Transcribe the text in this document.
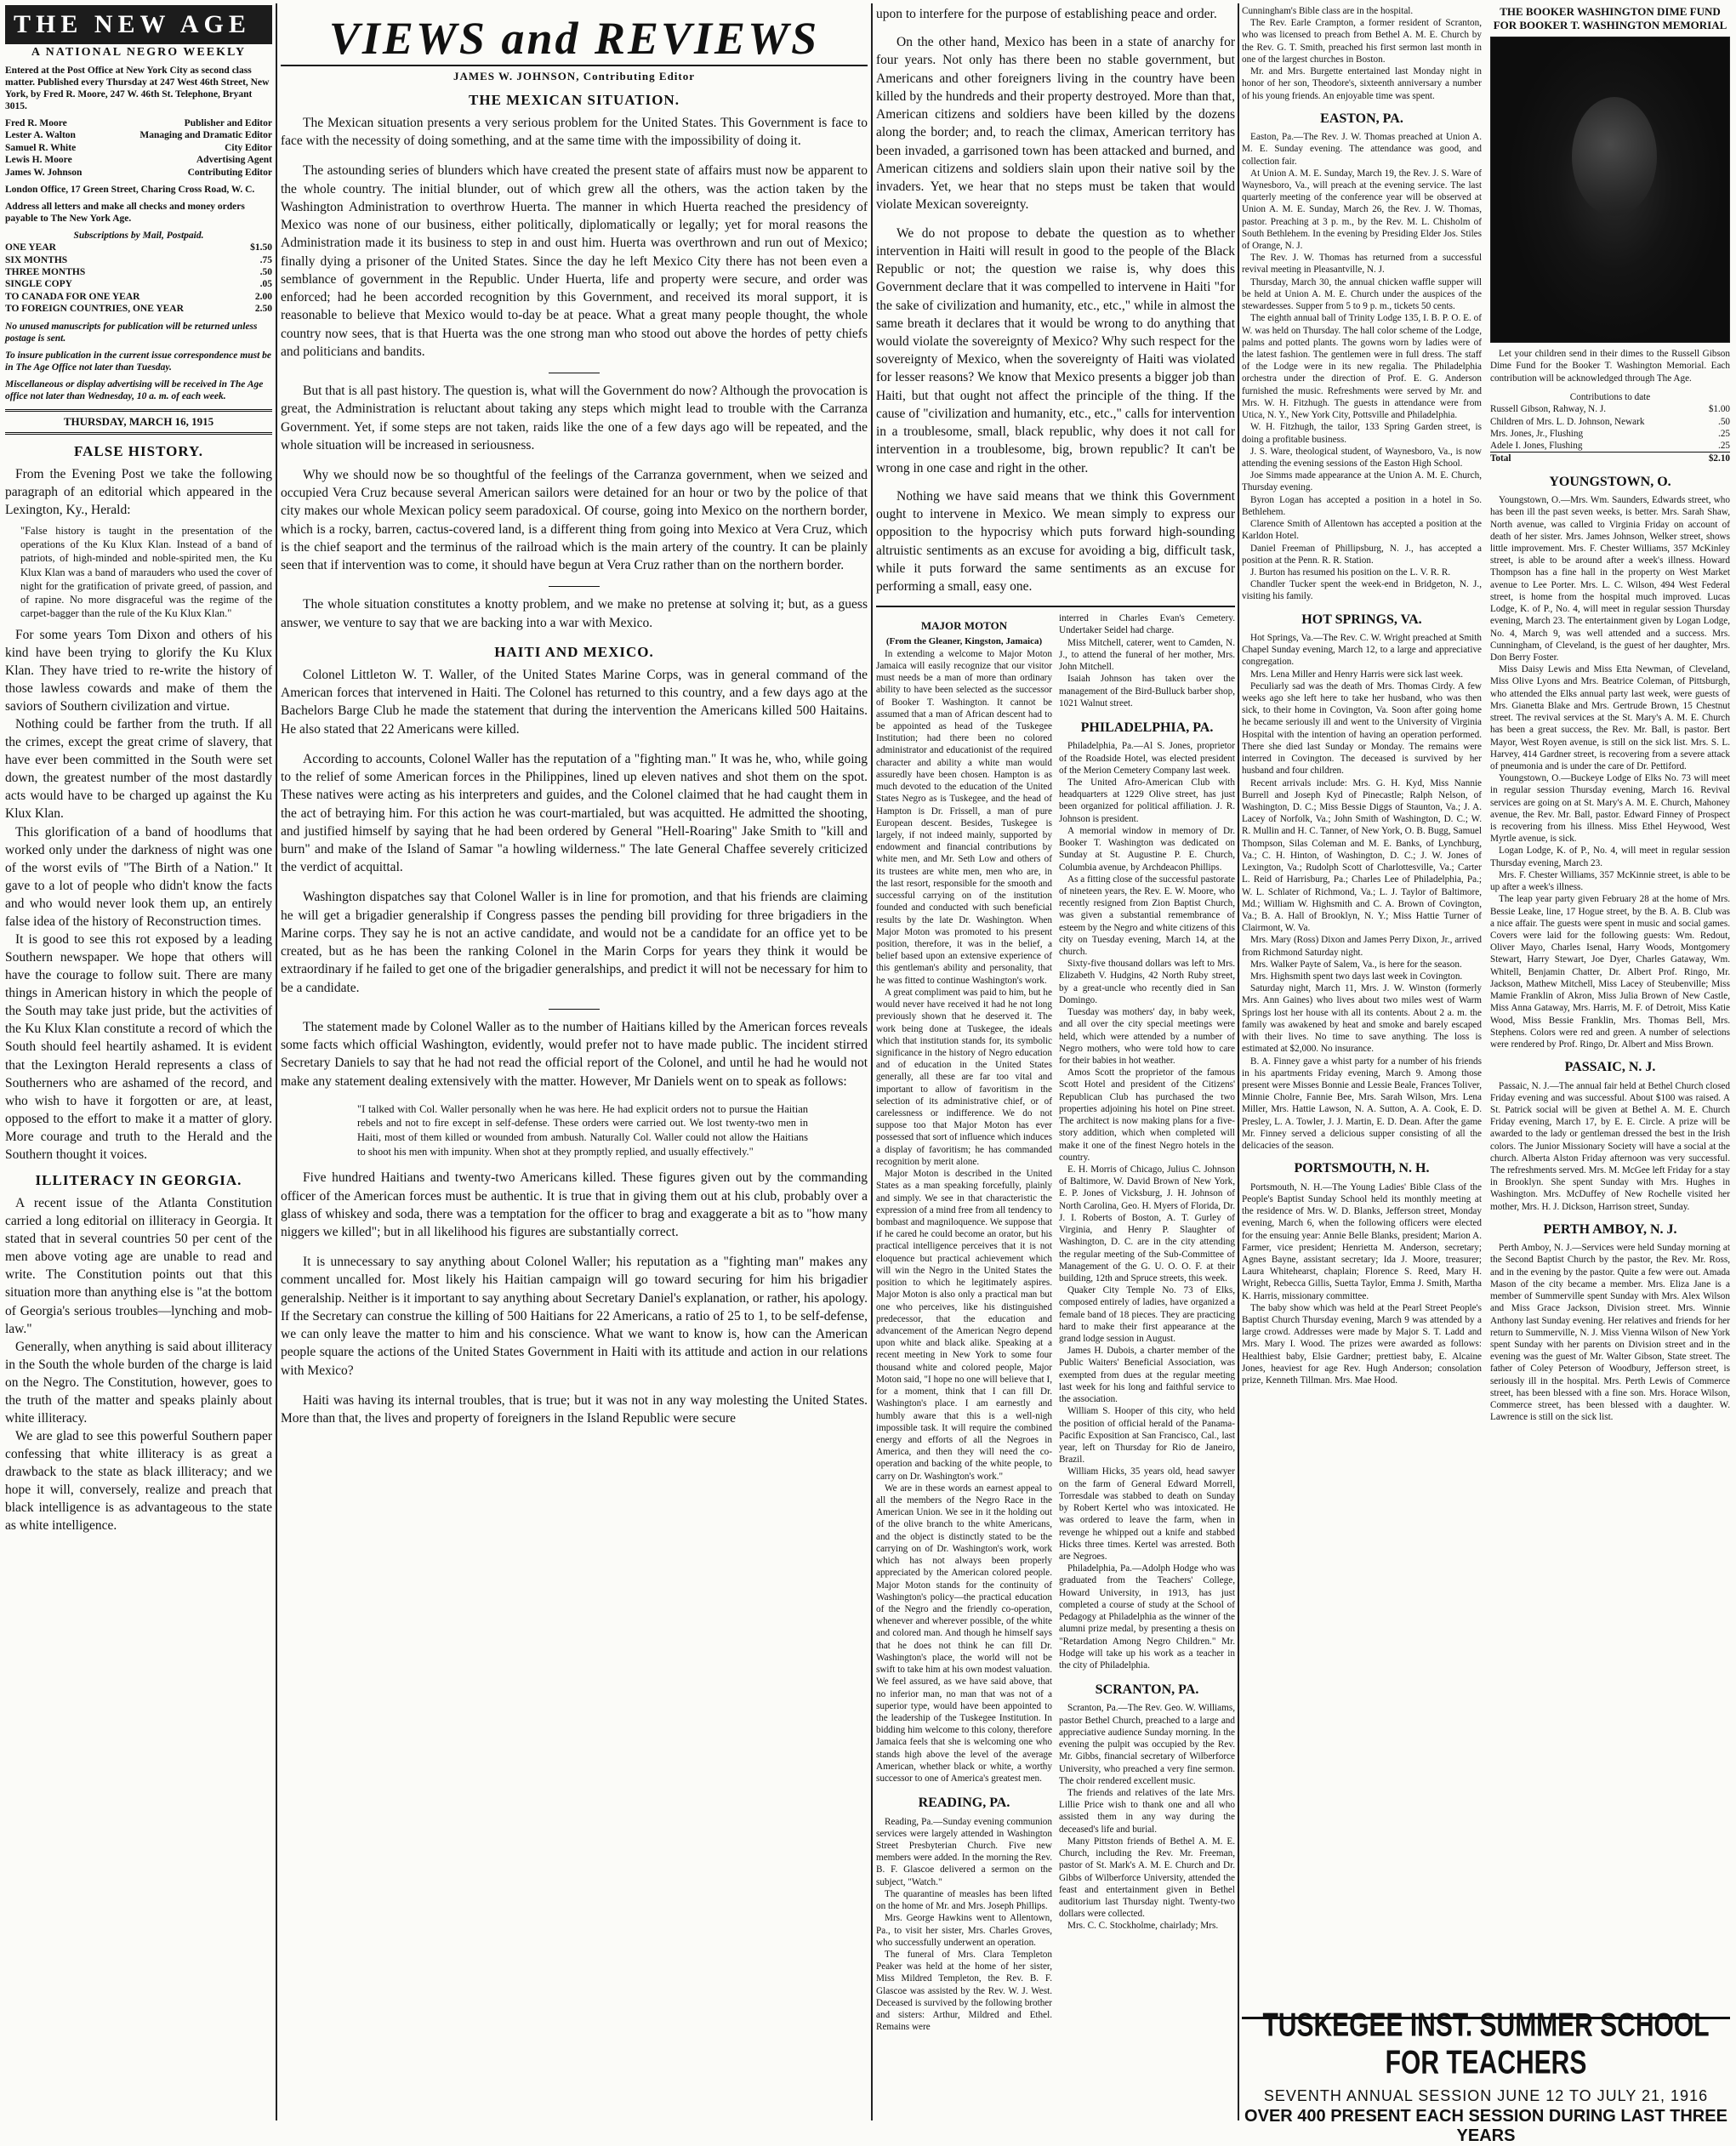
THE NEW AGE
A NATIONAL NEGRO WEEKLY
Entered at the Post Office at New York City as second class matter. Published every Thursday at 247 West 46th Street, New York, by Fred R. Moore, 247 W. 46th St. Telephone, Bryant 3015.
Fred R. Moore	Publisher and Editor
Lester A. Walton	Managing and Dramatic Editor
Samuel R. White	City Editor
Lewis H. Moore	Advertising Agent
James W. Johnson	Contributing Editor
London Office, 17 Green Street, Charing Cross Road, W. C.
Address all letters and make all checks and money orders payable to The New York Age.
Subscriptions by Mail, Postpaid.
ONE YEAR	$1.50
SIX MONTHS	.75
THREE MONTHS	.50
SINGLE COPY	.05
TO CANADA FOR ONE YEAR	2.00
TO FOREIGN COUNTRIES, ONE YEAR	2.50
No unused manuscripts for publication will be returned unless postage is sent.
To insure publication in the current issue correspondence must be in The Age Office not later than Tuesday.
Miscellaneous or display advertising will be received in The Age office not later than Wednesday, 10 a. m. of each week.
THURSDAY, MARCH 16, 1915
FALSE HISTORY.

From the Evening Post we take the following paragraph of an editorial which appeared in the Lexington, Ky., Herald:

"False history is taught in the presentation of the operations of the Ku Klux Klan. Instead of a band of patriots, of high-minded and noble-spirited men, the Ku Klux Klan was a band of marauders who used the cover of night for the gratification of private greed, of passion, and of rapine. No more disgraceful was the regime of the carpet-bagger than the rule of the Ku Klux Klan."

For some years Tom Dixon and others of his kind have been trying to glorify the Ku Klux Klan. They have tried to re-write the history of those lawless cowards and make of them the saviors of Southern civilization and virtue.

Nothing could be farther from the truth. If all the crimes, except the great crime of slavery, that have ever been committed in the South were set down, the greatest number of the most dastardly acts would have to be charged up against the Ku Klux Klan.

This glorification of a band of hoodlums that worked only under the darkness of night was one of the worst evils of "The Birth of a Nation." It gave to a lot of people who didn't know the facts and who would never look them up, an entirely false idea of the history of Reconstruction times.

It is good to see this rot exposed by a leading Southern newspaper. We hope that others will have the courage to follow suit. There are many things in American history in which the people of the South may take just pride, but the activities of the Ku Klux Klan constitute a record of which the South should feel heartily ashamed. It is evident that the Lexington Herald represents a class of Southerners who are ashamed of the record, and who wish to have it forgotten or are, at least, opposed to the effort to make it a matter of glory. More courage and truth to the Herald and the Southern thought it voices.

ILLITERACY IN GEORGIA.

A recent issue of the Atlanta Constitution carried a long editorial on illiteracy in Georgia. It stated that in several countries 50 per cent of the men above voting age are unable to read and write. The Constitution points out that this situation more than anything else is "at the bottom of Georgia's serious troubles—lynching and mob-law."

Generally, when anything is said about illiteracy in the South the whole burden of the charge is laid on the Negro. The Constitution, however, goes to the truth of the matter and speaks plainly about white illiteracy.

We are glad to see this powerful Southern paper confessing that white illiteracy is as great a drawback to the state as black illiteracy; and we hope it will, conversely, realize and preach that black intelligence is as advantageous to the state as white intelligence.

VIEWS and REVIEWS
JAMES W. JOHNSON, Contributing Editor
THE MEXICAN SITUATION.

The Mexican situation presents a very serious problem for the United States. This Government is face to face with the necessity of doing something, and at the same time with the impossibility of doing it.

The astounding series of blunders which have created the present state of affairs must now be apparent to the whole country. The initial blunder, out of which grew all the others, was the action taken by the Washington Administration to overthrow Huerta. The manner in which Huerta reached the presidency of Mexico was none of our business, either politically, diplomatically or legally; yet for moral reasons the Administration made it its business to step in and oust him. Huerta was overthrown and run out of Mexico; finally dying a prisoner of the United States. Since the day he left Mexico City there has not been even a semblance of government in the Republic. Under Huerta, life and property were secure, and order was enforced; had he been accorded recognition by this Government, and received its moral support, it is reasonable to believe that Mexico would to-day be at peace. What a great many people thought, the whole country now sees, that is that Huerta was the one strong man who stood out above the hordes of petty chiefs and politicians and bandits.

But that is all past history. The question is, what will the Government do now? Although the provocation is great, the Administration is reluctant about taking any steps which might lead to trouble with the Carranza Government. Yet, if some steps are not taken, raids like the one of a few days ago will be repeated, and the whole situation will be increased in seriousness.

Why we should now be so thoughtful of the feelings of the Carranza government, when we seized and occupied Vera Cruz because several American sailors were detained for an hour or two by the police of that city makes our whole Mexican policy seem paradoxical. Of course, going into Mexico on the northern border, which is a rocky, barren, cactus-covered land, is a different thing from going into Mexico at Vera Cruz, which is the chief seaport and the terminus of the railroad which is the main artery of the country. It can be plainly seen that if intervention was to come, it should have begun at Vera Cruz rather than on the northern border.

The whole situation constitutes a knotty problem, and we make no pretense at solving it; but, as a guess answer, we venture to say that we are backing into a war with Mexico.

HAITI AND MEXICO.

Colonel Littleton W. T. Waller, of the United States Marine Corps, was in general command of the American forces that intervened in Haiti. The Colonel has returned to this country, and a few days ago at the Bachelors Barge Club he made the statement that during the intervention the Americans killed 500 Haitains. He also stated that 22 Americans were killed.

According to accounts, Colonel Waller has the reputation of a "fighting man." It was he, who, while going to the relief of some American forces in the Philippines, lined up eleven natives and shot them on the spot. These natives were acting as his interpreters and guides, and the Colonel claimed that he had caught them in the act of betraying him. For this action he was court-martialed, but was acquitted. He admitted the shooting, and justified himself by saying that he had been ordered by General "Hell-Roaring" Jake Smith to "kill and burn" and make of the Island of Samar "a howling wilderness." The late General Chaffee severely criticized the verdict of acquittal.

Washington dispatches say that Colonel Waller is in line for promotion, and that his friends are claiming he will get a brigadier generalship if Congress passes the pending bill providing for three brigadiers in the Marine corps. They say he is not an active candidate, and would not be a candidate for an office yet to be created, but as he has been the ranking Colonel in the Marin Corps for years they think it would be extraordinary if he failed to get one of the brigadier generalships, and predict it will not be necessary for him to be a candidate.

The statement made by Colonel Waller as to the number of Haitians killed by the American forces reveals some facts which official Washington, evidently, would prefer not to have made public. The incident stirred Secretary Daniels to say that he had not read the official report of the Colonel, and until he had he would not make any statement dealing extensively with the matter. However, Mr Daniels went on to speak as follows:

"I talked with Col. Waller personally when he was here. He had explicit orders not to pursue the Haitian rebels and not to fire except in self-defense. These orders were carried out. We lost twenty-two men in Haiti, most of them killed or wounded from ambush. Naturally Col. Waller could not allow the Haitians to shoot his men with impunity. When shot at they promptly replied, and usually effectively."

Five hundred Haitians and twenty-two Americans killed. These figures given out by the commanding officer of the American forces must be authentic. It is true that in giving them out at his club, probably over a glass of whiskey and soda, there was a temptation for the officer to brag and exaggerate a bit as to "how many niggers we killed"; but in all likelihood his figures are substantially correct.

It is unnecessary to say anything about Colonel Waller; his reputation as a "fighting man" makes any comment uncalled for. Most likely his Haitian campaign will go toward securing for him his brigadier generalship. Neither is it important to say anything about Secretary Daniel's explanation, or rather, his apology. If the Secretary can construe the killing of 500 Haitians for 22 Americans, a ratio of 25 to 1, to be self-defense, we can only leave the matter to him and his conscience. What we want to know is, how can the American people square the actions of the United States Government in Haiti with its attitude and action in our relations with Mexico?

Haiti was having its internal troubles, that is true; but it was not in any way molesting the United States. More than that, the lives and property of foreigners in the Island Republic were secure

upon to interfere for the purpose of establishing peace and order.

On the other hand, Mexico has been in a state of anarchy for four years. Not only has there been no stable government, but Americans and other foreigners living in the country have been killed by the hundreds and their property destroyed. More than that, American citizens and soldiers have been killed by the dozens along the border; and, to reach the climax, American territory has been invaded, a garrisoned town has been attacked and burned, and American citizens and soldiers slain upon their native soil by the invaders. Yet, we hear that no steps must be taken that would violate Mexican sovereignty.

We do not propose to debate the question as to whether intervention in Haiti will result in good to the people of the Black Republic or not; the question we raise is, why does this Government declare that it was compelled to intervene in Haiti "for the sake of civilization and humanity, etc., etc.," while in almost the same breath it declares that it would be wrong to do anything that would violate the sovereignty of Mexico? Why such respect for the sovereignty of Mexico, when the sovereignty of Haiti was violated for lesser reasons? We know that Mexico presents a bigger job than Haiti, but that ought not affect the principle of the thing. If the cause of "civilization and humanity, etc., etc.," calls for intervention in a troublesome, small, black republic, why does it not call for intervention in a troublesome, big, brown republic? It can't be wrong in one case and right in the other.

Nothing we have said means that we think this Government ought to intervene in Mexico. We mean simply to express our opposition to the hypocrisy which puts forward high-sounding altruistic sentiments as an excuse for avoiding a big, difficult task, while it puts forward the same sentiments as an excuse for performing a small, easy one.

MAJOR MOTON
(From the Gleaner, Kingston, Jamaica)

In extending a welcome to Major Moton Jamaica will easily recognize that our visitor must needs be a man of more than ordinary ability to have been selected as the successor of Booker T. Washington. It cannot be assumed that a man of African descent had to be appointed as head of the Tuskegee Institution; had there been no colored administrator and educationist of the required character and ability a white man would assuredly have been chosen. Hampton is as much devoted to the education of the United States Negro as is Tuskegee, and the head of Hampton is Dr. Frissell, a man of pure European descent. Besides, Tuskegee is largely, if not indeed mainly, supported by endowment and financial contributions by white men, and Mr. Seth Low and others of its trustees are white men, men who are, in the last resort, responsible for the smooth and successful carrying on of the institution founded and conducted with such beneficial results by the late Dr. Washington. When Major Moton was promoted to his present position, therefore, it was in the belief, a belief based upon an extensive experience of this gentleman's ability and personality, that he was fitted to continue Washington's work.

A great compliment was paid to him, but he would never have received it had he not long previously shown that he deserved it. The work being done at Tuskegee, the ideals which that institution stands for, its symbolic significance in the history of Negro education and of education in the United States generally, all these are far too vital and important to allow of favoritism in the selection of its administrative chief, or of carelessness or indifference. We do not suppose too that Major Moton has ever possessed that sort of influence which induces a display of favoritism; he has commanded recognition by merit alone.

Major Moton is described in the United States as a man speaking forcefully, plainly and simply. We see in that characteristic the expression of a mind free from all tendency to bombast and magniloquence. We suppose that if he cared he could become an orator, but his practical intelligence perceives that it is not eloquence but practical achievement which will win the Negro in the United States the position to which he legitimately aspires. Major Moton is also only a practical man but one who perceives, like his distinguished predecessor, that the education and advancement of the American Negro depend upon white and black alike. Speaking at a recent meeting in New York to some four thousand white and colored people, Major Moton said, "I hope no one will believe that I, for a moment, think that I can fill Dr. Washington's place. I am earnestly and humbly aware that this is a well-nigh impossible task. It will require the combined energy and efforts of all the Negroes in America, and then they will need the co-operation and backing of the white people, to carry on Dr. Washington's work."

We are in these words an earnest appeal to all the members of the Negro Race in the American Union. We see in it the holding out of the olive branch to the white Americans, and the object is distinctly stated to be the carrying on of Dr. Washington's work, work which has not always been properly appreciated by the American colored people. Major Moton stands for the continuity of Washington's policy—the practical education of the Negro and the friendly co-operation, whenever and wherever possible, of the white and colored man. And though he himself says that he does not think he can fill Dr. Washington's place, the world will not be swift to take him at his own modest valuation. We feel assured, as we have said above, that no inferior man, no man that was not of a superior type, would have been appointed to the leadership of the Tuskegee Institution. In bidding him welcome to this colony, therefore Jamaica feels that she is welcoming one who stands high above the level of the average American, whether black or white, a worthy successor to one of America's greatest men.

READING, PA.

Reading, Pa.—Sunday evening communion services were largely attended in Washington Street Presbyterian Church. Five new members were added. In the morning the Rev. B. F. Glascoe delivered a sermon on the subject, "Watch."

The quarantine of measles has been lifted on the home of Mr. and Mrs. Joseph Phillips.

Mrs. George Hawkins went to Allentown, Pa., to visit her sister, Mrs. Charles Groves, who successfully underwent an operation.

The funeral of Mrs. Clara Templeton Peaker was held at the home of her sister, Miss Mildred Templeton, the Rev. B. F. Glascoe was assisted by the Rev. W. J. West. Deceased is survived by the following brother and sisters: Arthur, Mildred and Ethel. Remains were

interred in Charles Evan's Cemetery. Undertaker Seidel had charge.

Miss Mitchell, caterer, went to Camden, N. J., to attend the funeral of her mother, Mrs. John Mitchell.

Isaiah Johnson has taken over the management of the Bird-Bulluck barber shop, 1021 Walnut street.

PHILADELPHIA, PA.

Philadelphia, Pa.—Al S. Jones, proprietor of the Roadside Hotel, was elected president of the Merion Cemetery Company last week.

The United Afro-American Club with headquarters at 1229 Olive street, has just been organized for political affiliation. J. R. Johnson is president.

A memorial window in memory of Dr. Booker T. Washington was dedicated on Sunday at St. Augustine P. E. Church, Columbia avenue, by Archdeacon Phillips.

As a fitting close of the successful pastorate of nineteen years, the Rev. E. W. Moore, who recently resigned from Zion Baptist Church, was given a substantial remembrance of esteem by the Negro and white citizens of this city on Tuesday evening, March 14, at the church.

Sixty-five thousand dollars was left to Mrs. Elizabeth V. Hudgins, 42 North Ruby street, by a great-uncle who recently died in San Domingo.

Tuesday was mothers' day, in baby week, and all over the city special meetings were held, which were attended by a number of Negro mothers, who were told how to care for their babies in hot weather.

Amos Scott the proprietor of the famous Scott Hotel and president of the Citizens' Republican Club has purchased the two properties adjoining his hotel on Pine street. The architect is now making plans for a five-story addition, which when completed will make it one of the finest Negro hotels in the country.

E. H. Morris of Chicago, Julius C. Johnson of Baltimore, W. David Brown of New York, E. P. Jones of Vicksburg, J. H. Johnson of North Carolina, Geo. H. Myers of Florida, Dr. J. I. Roberts of Boston, A. T. Gurley of Virginia, and Henry P. Slaughter of Washington, D. C. are in the city attending the regular meeting of the Sub-Committee of Management of the G. U. O. O. F. at their building, 12th and Spruce streets, this week.

Quaker City Temple No. 73 of Elks, composed entirely of ladies, have organized a female band of 18 pieces. They are practicing hard to make their first appearance at the grand lodge session in August.

James H. Dubois, a charter member of the Public Waiters' Beneficial Association, was exempted from dues at the regular meeting last week for his long and faithful service to the association.

William S. Hooper of this city, who held the position of official herald of the Panama-Pacific Exposition at San Francisco, Cal., last year, left on Thursday for Rio de Janeiro, Brazil.

William Hicks, 35 years old, head sawyer on the farm of General Edward Morrell, Torresdale was stabbed to death on Sunday by Robert Kertel who was intoxicated. He was ordered to leave the farm, when in revenge he whipped out a knife and stabbed Hicks three times. Kertel was arrested. Both are Negroes.

Philadelphia, Pa.—Adolph Hodge who was graduated from the Teachers' College, Howard University, in 1913, has just completed a course of study at the School of Pedagogy at Philadelphia as the winner of the alumni prize medal, by presenting a thesis on "Retardation Among Negro Children." Mr. Hodge will take up his work as a teacher in the city of Philadelphia.

SCRANTON, PA.

Scranton, Pa.—The Rev. Geo. W. Williams, pastor Bethel Church, preached to a large and appreciative audience Sunday morning. In the evening the pulpit was occupied by the Rev. Mr. Gibbs, financial secretary of Wilberforce University, who preached a very fine sermon. The choir rendered excellent music.

The friends and relatives of the late Mrs. Lillie Price wish to thank one and all who assisted them in any way during the deceased's life and burial.

Many Pittston friends of Bethel A. M. E. Church, including the Rev. Mr. Freeman, pastor of St. Mark's A. M. E. Church and Dr. Gibbs of Wilberforce University, attended the feast and entertainment given in Bethel auditorium last Thursday night. Twenty-two dollars were collected.

Mrs. C. C. Stockholme, chairlady; Mrs.

Cunningham's Bible class are in the hospital.

The Rev. Earle Crampton, a former resident of Scranton, who was licensed to preach from Bethel A. M. E. Church by the Rev. G. T. Smith, preached his first sermon last month in one of the largest churches in Boston.

Mr. and Mrs. Burgette entertained last Monday night in honor of her son, Theodore's, sixteenth anniversary a number of his young friends. An enjoyable time was spent.

EASTON, PA.

Easton, Pa.—The Rev. J. W. Thomas preached at Union A. M. E. Sunday evening. The attendance was good, and collection fair.

At Union A. M. E. Sunday, March 19, the Rev. J. S. Ware of Waynesboro, Va., will preach at the evening service. The last quarterly meeting of the conference year will be observed at Union A. M. E. Sunday, March 26, the Rev. J. W. Thomas, pastor. Preaching at 3 p. m., by the Rev. M. L. Chisholm of South Bethlehem. In the evening by Presiding Elder Jos. Stiles of Orange, N. J.

The Rev. J. W. Thomas has returned from a successful revival meeting in Pleasantville, N. J.

Thursday, March 30, the annual chicken waffle supper will be held at Union A. M. E. Church under the auspices of the stewardesses. Supper from 5 to 9 p. m., tickets 50 cents.

The eighth annual ball of Trinity Lodge 135, I. B. P. O. E. of W. was held on Thursday. The hall color scheme of the Lodge, palms and potted plants. The gowns worn by ladies were of the latest fashion. The gentlemen were in full dress. The staff of the Lodge were in its new regalia. The Philadelphia orchestra under the direction of Prof. E. G. Anderson furnished the music. Refreshments were served by Mr. and Mrs. W. H. Fitzhugh. The guests in attendance were from Utica, N. Y., New York City, Pottsville and Philadelphia.

W. H. Fitzhugh, the tailor, 133 Spring Garden street, is doing a profitable business.

J. S. Ware, theological student, of Waynesboro, Va., is now attending the evening sessions of the Easton High School.

Joe Simms made appearance at the Union A. M. E. Church, Thursday evening.

Byron Logan has accepted a position in a hotel in So. Bethlehem.

Clarence Smith of Allentown has accepted a position at the Karldon Hotel.

Daniel Freeman of Phillipsburg, N. J., has accepted a position at the Penn. R. R. Station.

J. Burton has resumed his position on the L. V. R. R.

Chandler Tucker spent the week-end in Bridgeton, N. J., visiting his family.

HOT SPRINGS, VA.

Hot Springs, Va.—The Rev. C. W. Wright preached at Smith Chapel Sunday evening, March 12, to a large and appreciative congregation.

Mrs. Lena Miller and Henry Harris were sick last week.

Peculiarly sad was the death of Mrs. Thomas Cirdy. A few weeks ago she left here to take her husband, who was then sick, to their home in Covington, Va. Soon after going home he became seriously ill and went to the University of Virginia Hospital with the intention of having an operation performed. There she died last Sunday or Monday. The remains were interred in Covington. The deceased is survived by her husband and four children.

Recent arrivals include: Mrs. G. H. Kyd, Miss Nannie Burrell and Joseph Kyd of Pinecastle; Ralph Nelson, of Washington, D. C.; Miss Bessie Diggs of Staunton, Va.; J. A. Lacey of Norfolk, Va.; John Smith of Washington, D. C.; W. R. Mullin and H. C. Tanner, of New York, O. B. Bugg, Samuel Thompson, Silas Coleman and M. E. Banks, of Lynchburg, Va.; C. H. Hinton, of Washington, D. C.; J. W. Jones of Lexington, Va.; Rudolph Scott of Charlottesville, Va.; Carter L. Reid of Harrisburg, Pa.; Charles Lee of Philadelphia, Pa.; W. L. Schlater of Richmond, Va.; L. J. Taylor of Baltimore, Md.; William W. Highsmith and C. A. Brown of Covington, Va.; B. A. Hall of Brooklyn, N. Y.; Miss Hattie Turner of Clairmont, W. Va.

Mrs. Mary (Ross) Dixon and James Perry Dixon, Jr., arrived from Richmond Saturday night.

Mrs. Walker Payte of Salem, Va., is here for the season.

Mrs. Highsmith spent two days last week in Covington.

Saturday night, March 11, Mrs. J. W. Winston (formerly Mrs. Ann Gaines) who lives about two miles west of Warm Springs lost her house with all its contents. About 2 a. m. the family was awakened by heat and smoke and barely escaped with their lives. No time to save anything. The loss is estimated at $2,000. No insurance.

B. A. Finney gave a whist party for a number of his friends in his apartments Friday evening, March 9. Among those present were Misses Bonnie and Lessie Beale, Frances Toliver, Minnie Cholre, Fannie Bee, Mrs. Sarah Wilson, Mrs. Lena Miller, Mrs. Hattie Lawson, N. A. Sutton, A. A. Cook, E. D. Presley, L. A. Towler, J. J. Martin, E. D. Dean. After the game Mr. Finney served a delicious supper consisting of all the delicacies of the season.

PORTSMOUTH, N. H.

Portsmouth, N. H.—The Young Ladies' Bible Class of the People's Baptist Sunday School held its monthly meeting at the residence of Mrs. W. D. Blanks, Jefferson street, Monday evening, March 6, when the following officers were elected for the ensuing year: Annie Belle Blanks, president; Marion A. Farmer, vice president; Henrietta M. Anderson, secretary; Agnes Bayne, assistant secretary; Ida J. Moore, treasurer; Laura Whitehearst, chaplain; Florence S. Reed, Mary H. Wright, Rebecca Gillis, Suetta Taylor, Emma J. Smith, Martha K. Harris, missionary committee.

The baby show which was held at the Pearl Street People's Baptist Church Thursday evening, March 9 was attended by a large crowd. Addresses were made by Major S. T. Ladd and Mrs. Mary I. Wood. The prizes were awarded as follows: Healthiest baby, Elsie Gardner; prettiest baby, E. Alcaine Jones, heaviest for age Rev. Hugh Anderson; consolation prize, Kenneth Tillman. Mrs. Mae Hood.

THE BOOKER WASHINGTON DIME FUND FOR BOOKER T. WASHINGTON MEMORIAL

Let your children send in their dimes to the Russell Gibson Dime Fund for the Booker T. Washington Memorial. Each contribution will be acknowledged through The Age.

Contributions to date
Russell Gibson, Rahway, N. J.	$1.00
Children of Mrs. L. D. Johnson, Newark	.50
Mrs. Jones, Jr., Flushing	.25
Adele I. Jones, Flushing	.25
Total	$2.10
YOUNGSTOWN, O.

Youngstown, O.—Mrs. Wm. Saunders, Edwards street, who has been ill the past seven weeks, is better. Mrs. Sarah Shaw, North avenue, was called to Virginia Friday on account of death of her sister. Mrs. James Johnson, Welker street, shows little improvement. Mrs. F. Chester Williams, 357 McKinley street, is able to be around after a week's illness. Howard Thompson has a fine hall in the property on West Market avenue to Lee Porter. Mrs. L. C. Wilson, 494 West Federal street, is home from the hospital much improved. Lucas Lodge, K. of P., No. 4, will meet in regular session Thursday evening, March 23. The entertainment given by Logan Lodge, No. 4, March 9, was well attended and a success. Mrs. Cunningham, of Cleveland, is the guest of her daughter, Mrs. Don Berry Foster.

Miss Daisy Lewis and Miss Etta Newman, of Cleveland, Miss Olive Lyons and Mrs. Beatrice Coleman, of Pittsburgh, who attended the Elks annual party last week, were guests of Mrs. Gianetta Blake and Mrs. Gertrude Brown, 15 Chestnut street. The revival services at the St. Mary's A. M. E. Church has been a great success, the Rev. Mr. Ball, is pastor. Bert Mayor, West Royen avenue, is still on the sick list. Mrs. S. L. Harvey, 414 Gardner street, is recovering from a severe attack of pneumonia and is under the care of Dr. Pettiford.

Youngstown, O.—Buckeye Lodge of Elks No. 73 will meet in regular session Thursday evening, March 16. Revival services are going on at St. Mary's A. M. E. Church, Mahoney avenue, the Rev. Mr. Ball, pastor. Edward Finney of Prospect is recovering from his illness. Miss Ethel Heywood, West Myrtle avenue, is sick.

Logan Lodge, K. of P., No. 4, will meet in regular session Thursday evening, March 23.

Mrs. F. Chester Williams, 357 McKinnie street, is able to be up after a week's illness.

The leap year party given February 28 at the home of Mrs. Bessie Leake, line, 17 Hogue street, by the B. A. B. Club was a nice affair. The guests were spent in music and social games. Covers were laid for the following guests: Wm. Redout, Oliver Mayo, Charles Isenal, Harry Woods, Montgomery Stewart, Harry Stewart, Joe Dyer, Charles Gataway, Wm. Whitell, Benjamin Chatter, Dr. Albert Prof. Ringo, Mr. Jackson, Mathew Mitchell, Miss Lacey of Steubenville; Miss Mamie Franklin of Akron, Miss Julia Brown of New Castle, Miss Anna Gataway, Mrs. Harris, M. F. of Detroit, Miss Katie Wood, Miss Bessie Franklin, Mrs. Thomas Bell, Mrs. Stephens. Colors were red and green. A number of selections were rendered by Prof. Ringo, Dr. Albert and Miss Brown.

PASSAIC, N. J.

Passaic, N. J.—The annual fair held at Bethel Church closed Friday evening and was successful. About $100 was raised. A St. Patrick social will be given at Bethel A. M. E. Church Friday evening, March 17, by E. E. Circle. A prize will be awarded to the lady or gentleman dressed the best in the Irish colors. The Junior Missionary Society will have a social at the church. Alberta Alston Friday afternoon was very successful. The refreshments served. Mrs. M. McGee left Friday for a stay in Brooklyn. She spent Sunday with Mrs. Hughes in Washington. Mrs. McDuffey of New Rochelle visited her mother, Mrs. H. J. Dickson, Harrison street, Sunday.

PERTH AMBOY, N. J.

Perth Amboy, N. J.—Services were held Sunday morning at the Second Baptist Church by the pastor, the Rev. Mr. Ross, and in the evening by the pastor. Quite a few were out. Amada Mason of the city became a member. Mrs. Eliza Jane is a member of Summerville spent Sunday with Mrs. Alex Wilson and Miss Grace Jackson, Division street. Mrs. Winnie Anthony last Sunday evening. Her relatives and friends for her return to Summerville, N. J. Miss Vienna Wilson of New York spent Sunday with her parents on Division street and in the evening was the guest of Mr. Walter Gibson, State street. The father of Coley Peterson of Woodbury, Jefferson street, is seriously ill in the hospital. Mrs. Perth Lewis of Commerce street, has been blessed with a fine son. Mrs. Horace Wilson, Commerce street, has been blessed with a daughter. W. Lawrence is still on the sick list.

TUSKEGEE INST. SUMMER SCHOOL FOR TEACHERS
SEVENTH ANNUAL SESSION JUNE 12 TO JULY 21, 1916
OVER 400 PRESENT EACH SESSION DURING LAST THREE YEARS
